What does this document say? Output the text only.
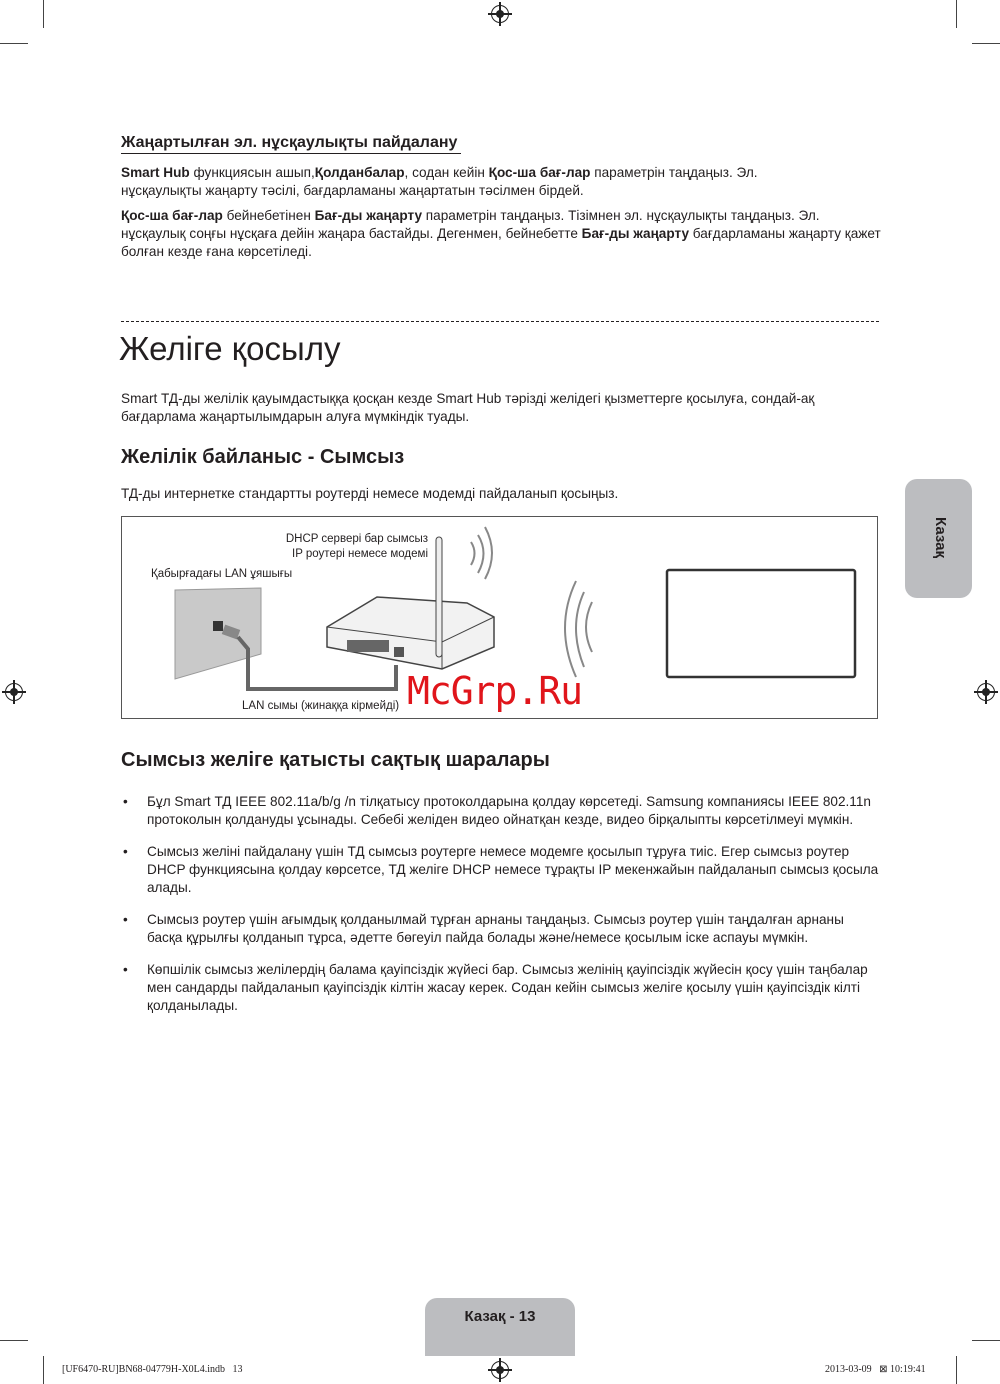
Жаңартылған эл. нұсқаулықты пайдалану
Smart Hub функциясын ашып,Қолданбалар, содан кейін Қос-ша бағ-лар параметрін таңдаңыз. Эл. нұсқаулықты жаңарту тәсілі, бағдарламаны жаңартатын тәсілмен бірдей.
Қос-ша бағ-лар бейнебетінен Бағ-ды жаңарту параметрін таңдаңыз. Тізімнен эл. нұсқаулықты таңдаңыз. Эл. нұсқаулық соңғы нұсқаға дейін жаңара бастайды. Дегенмен, бейнебетте Бағ-ды жаңарту бағдарламаны жаңарту қажет болған кезде ғана көрсетіледі.
Желіге қосылу
Smart ТД-ды желілік қауымдастыққа қосқан кезде Smart Hub тәрізді желідегі қызметтерге қосылуға, сондай-ақ бағдарлама жаңартылымдарын алуға мүмкіндік туады.
Желілік байланыс - Сымсыз
ТД-ды интернетке стандартты роутерді немесе модемді пайдаланып қосыңыз.
DHCP сервері бар сымсыз
IP роутері немесе модемі
Қабырғадағы LAN ұяшығы
LAN сымы (жинаққа кірмейді) McGrp.Ru
Сымсыз желіге қатысты сақтық шаралары
• Бұл Smart ТД IEEE 802.11a/b/g /n тілқатысу протоколдарына қолдау көрсетеді. Samsung компаниясы IEEE 802.11n протоколын қолдануды ұсынады. Себебі желіден видео ойнатқан кезде, видео бірқалыпты көрсетілмеуі мүмкін.
• Сымсыз желіні пайдалану үшін ТД сымсыз роутерге немесе модемге қосылып тұруға тиіс. Егер сымсыз роутер DHCP функциясына қолдау көрсетсе, ТД желіге DHCP немесе тұрақты IP мекенжайын пайдаланып сымсыз қосыла алады.
• Сымсыз роутер үшін ағымдық қолданылмай тұрған арнаны таңдаңыз. Сымсыз роутер үшін таңдалған арнаны басқа құрылғы қолданып тұрса, әдетте бөгеуіл пайда болады және/немесе қосылым іске аспауы мүмкін.
• Көпшілік сымсыз желілердің балама қауіпсіздік жүйесі бар. Сымсыз желінің қауіпсіздік жүйесін қосу үшін таңбалар мен сандарды пайдаланып қауіпсіздік кілтін жасау керек. Содан кейін сымсыз желіге қосылу үшін қауіпсіздік кілті қолданылады.
Казақ
Казақ - 13
[UF6470-RU]BN68-04779H-X0L4.indb   13	2013-03-09   ⊠ 10:19:41
